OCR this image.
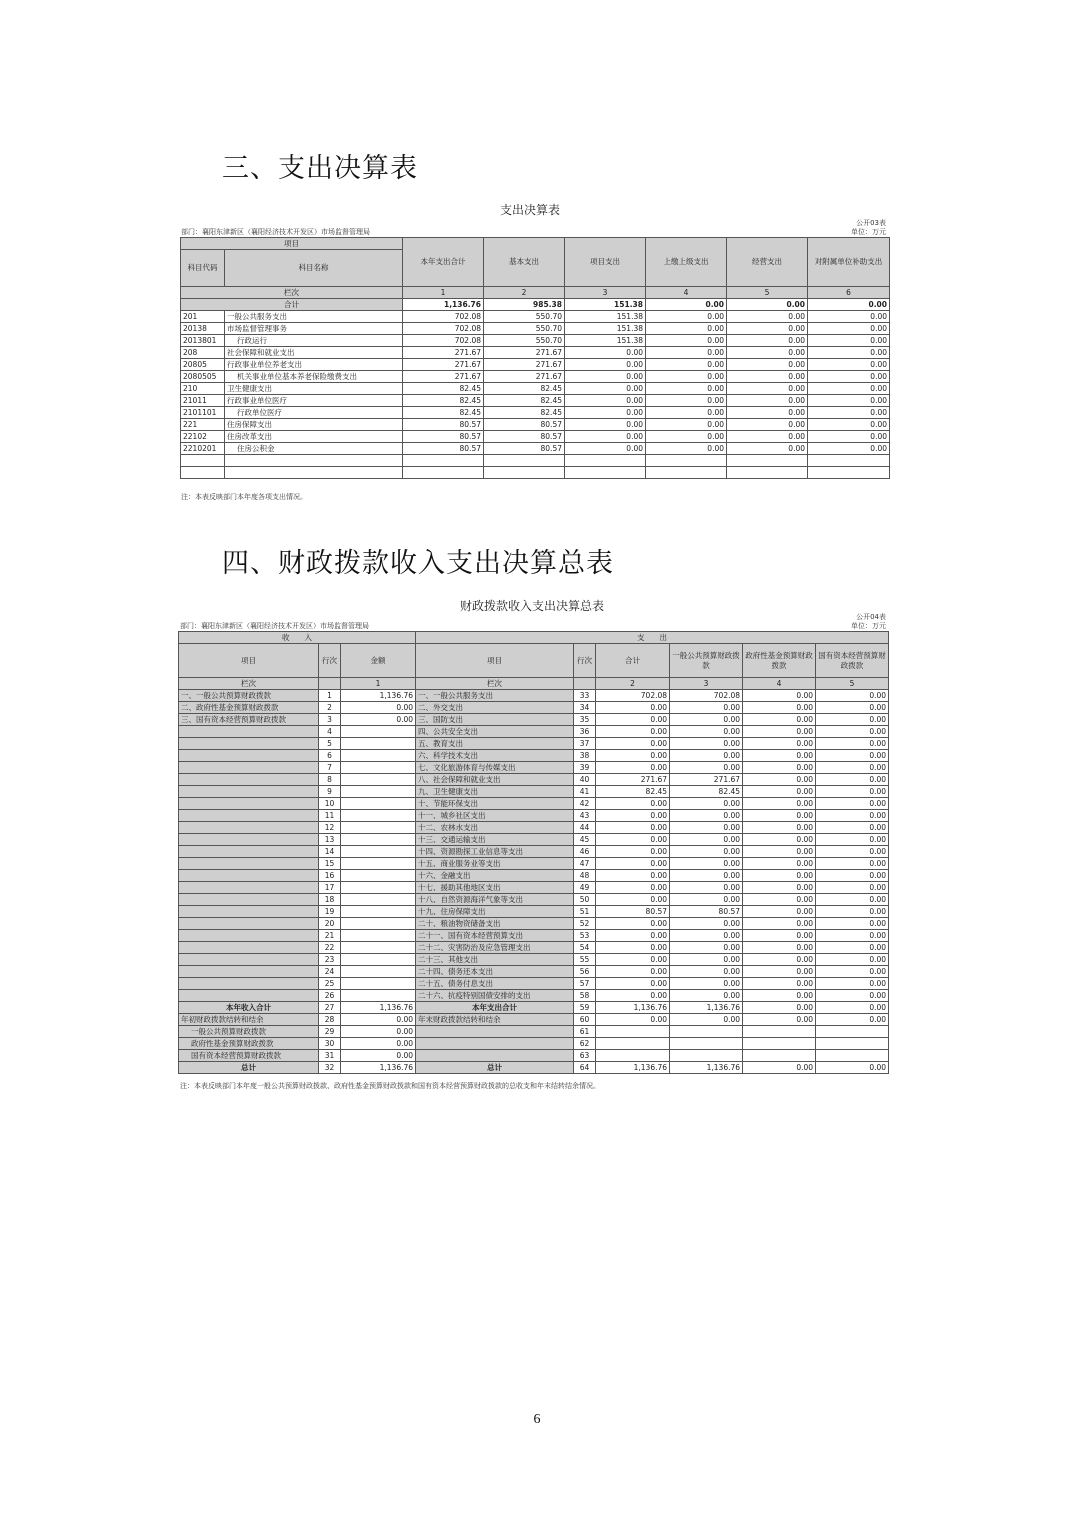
三、支出决算表
支出决算表
公开03表
部门：襄阳东津新区（襄阳经济技术开发区）市场监督管理局	单位：万元
项目		本年支出合计	基本支出	项目支出	上缴上级支出	经营支出	对附属单位补助支出
科目代码	科目名称						
栏次		1	2	3	4	5	6
合计		1,136.76	985.38	151.38	0.00	0.00	0.00
201	一般公共服务支出	702.08	550.70	151.38	0.00	0.00	0.00
20138	市场监督管理事务	702.08	550.70	151.38	0.00	0.00	0.00
2013801	行政运行	702.08	550.70	151.38	0.00	0.00	0.00
208	社会保障和就业支出	271.67	271.67	0.00	0.00	0.00	0.00
20805	行政事业单位养老支出	271.67	271.67	0.00	0.00	0.00	0.00
2080505	机关事业单位基本养老保险缴费支出	271.67	271.67	0.00	0.00	0.00	0.00
210	卫生健康支出	82.45	82.45	0.00	0.00	0.00	0.00
21011	行政事业单位医疗	82.45	82.45	0.00	0.00	0.00	0.00
2101101	行政单位医疗	82.45	82.45	0.00	0.00	0.00	0.00
221	住房保障支出	80.57	80.57	0.00	0.00	0.00	0.00
22102	住房改革支出	80.57	80.57	0.00	0.00	0.00	0.00
2210201	住房公积金	80.57	80.57	0.00	0.00	0.00	0.00

注：本表反映部门本年度各项支出情况。
四、财政拨款收入支出决算总表
财政拨款收入支出决算总表
公开04表
部门：襄阳东津新区（襄阳经济技术开发区）市场监督管理局	单位：万元
收　　入			支　　出					
项目	行次	金额	项目	行次	合计	一般公共预算财政拨款	政府性基金预算财政拨款	国有资本经营预算财政拨款
栏次		1	栏次		2	3	4	5
一、一般公共预算财政拨款	1	1,136.76	一、一般公共服务支出	33	702.08	702.08	0.00	0.00
二、政府性基金预算财政拨款	2	0.00	二、外交支出	34	0.00	0.00	0.00	0.00
三、国有资本经营预算财政拨款	3	0.00	三、国防支出	35	0.00	0.00	0.00	0.00
	4		四、公共安全支出	36	0.00	0.00	0.00	0.00
	5		五、教育支出	37	0.00	0.00	0.00	0.00
	6		六、科学技术支出	38	0.00	0.00	0.00	0.00
	7		七、文化旅游体育与传媒支出	39	0.00	0.00	0.00	0.00
	8		八、社会保障和就业支出	40	271.67	271.67	0.00	0.00
	9		九、卫生健康支出	41	82.45	82.45	0.00	0.00
	10		十、节能环保支出	42	0.00	0.00	0.00	0.00
	11		十一、城乡社区支出	43	0.00	0.00	0.00	0.00
	12		十二、农林水支出	44	0.00	0.00	0.00	0.00
	13		十三、交通运输支出	45	0.00	0.00	0.00	0.00
	14		十四、资源勘探工业信息等支出	46	0.00	0.00	0.00	0.00
	15		十五、商业服务业等支出	47	0.00	0.00	0.00	0.00
	16		十六、金融支出	48	0.00	0.00	0.00	0.00
	17		十七、援助其他地区支出	49	0.00	0.00	0.00	0.00
	18		十八、自然资源海洋气象等支出	50	0.00	0.00	0.00	0.00
	19		十九、住房保障支出	51	80.57	80.57	0.00	0.00
	20		二十、粮油物资储备支出	52	0.00	0.00	0.00	0.00
	21		二十一、国有资本经营预算支出	53	0.00	0.00	0.00	0.00
	22		二十二、灾害防治及应急管理支出	54	0.00	0.00	0.00	0.00
	23		二十三、其他支出	55	0.00	0.00	0.00	0.00
	24		二十四、债务还本支出	56	0.00	0.00	0.00	0.00
	25		二十五、债务付息支出	57	0.00	0.00	0.00	0.00
	26		二十六、抗疫特别国债安排的支出	58	0.00	0.00	0.00	0.00
本年收入合计	27	1,136.76	本年支出合计	59	1,136.76	1,136.76	0.00	0.00
年初财政拨款结转和结余	28	0.00	年末财政拨款结转和结余	60	0.00	0.00	0.00	0.00
一般公共预算财政拨款	29	0.00		61				
政府性基金预算财政拨款	30	0.00		62				
国有资本经营预算财政拨款	31	0.00		63				
总计	32	1,136.76	总计	64	1,136.76	1,136.76	0.00	0.00
注：本表反映部门本年度一般公共预算财政拨款、政府性基金预算财政拨款和国有资本经营预算财政拨款的总收支和年末结转结余情况。
6
